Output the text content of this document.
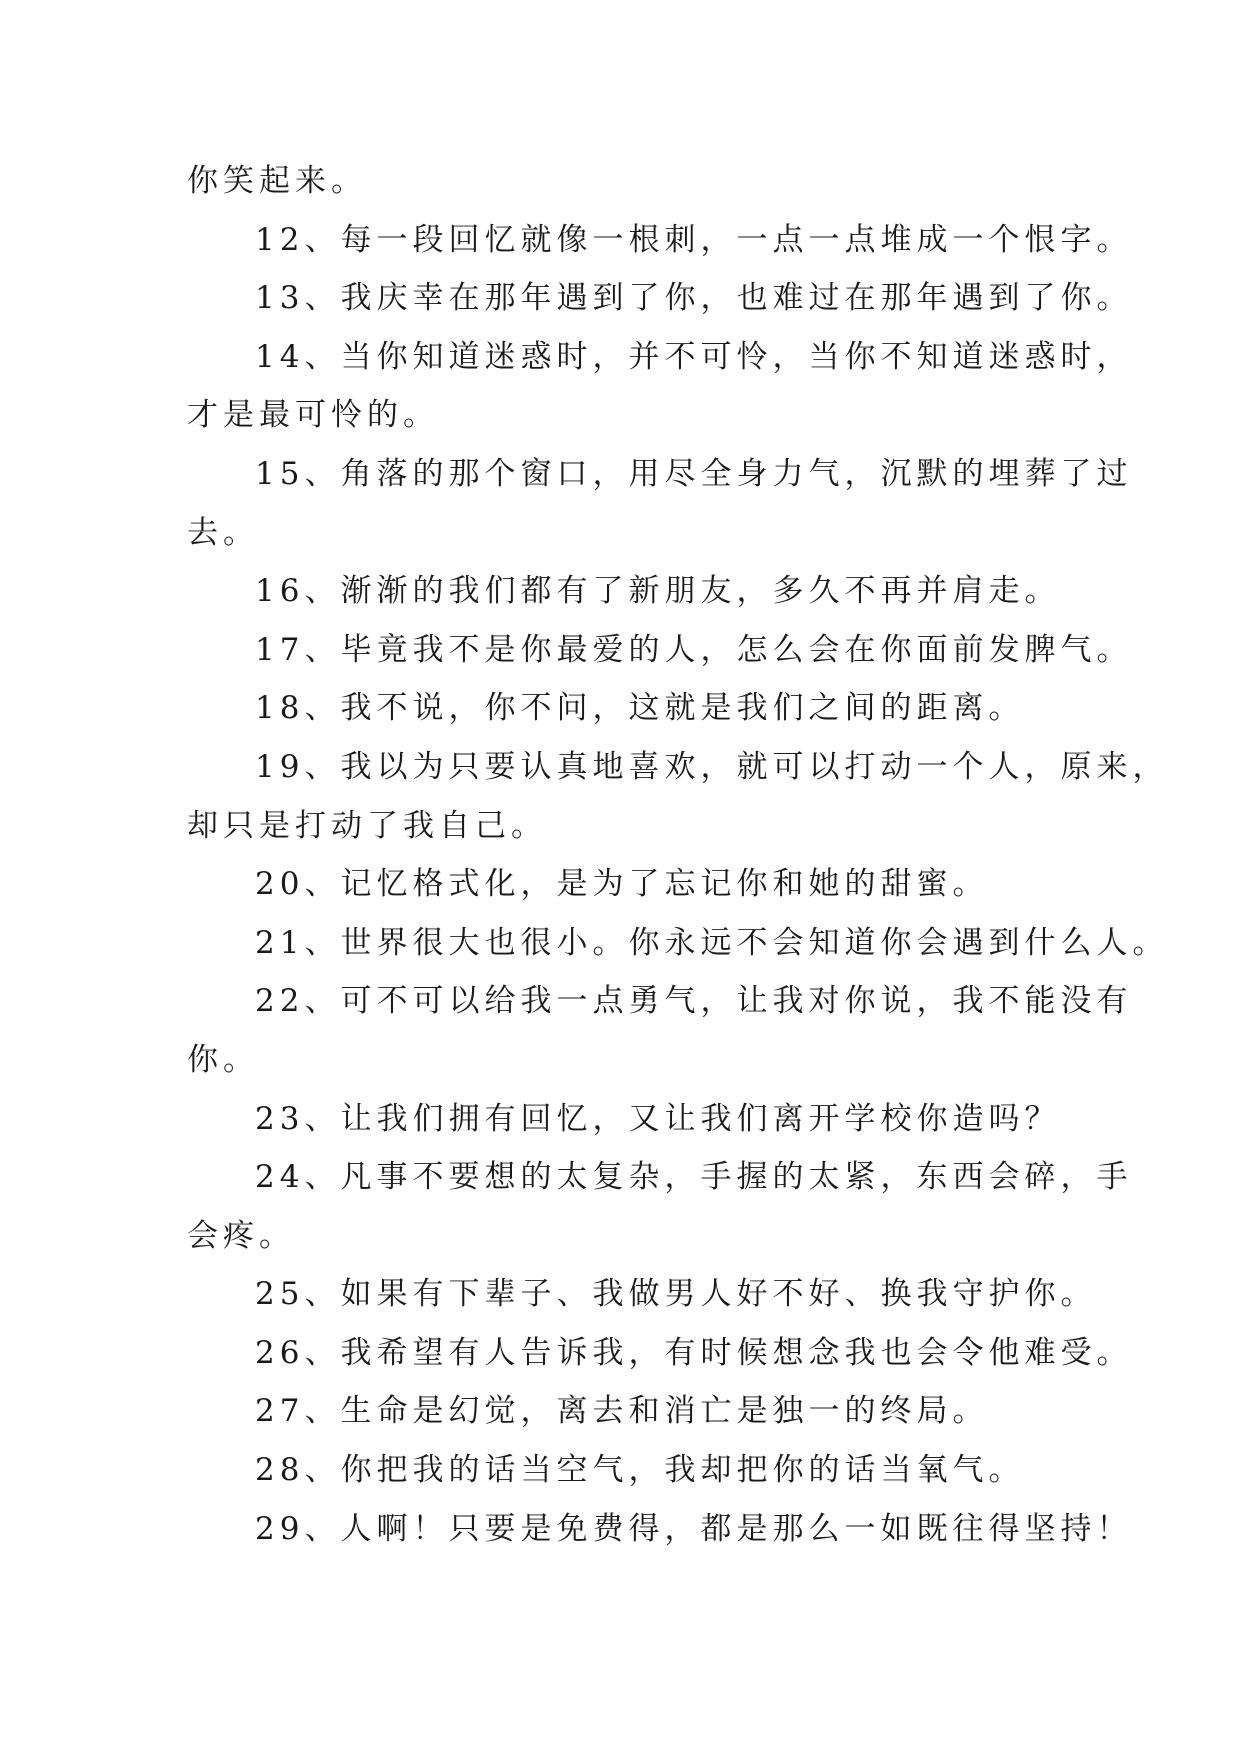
你笑起来。
12、每一段回忆就像一根刺，一点一点堆成一个恨字。
13、我庆幸在那年遇到了你，也难过在那年遇到了你。
14、当你知道迷惑时，并不可怜，当你不知道迷惑时，
才是最可怜的。
15、角落的那个窗口，用尽全身力气，沉默的埋葬了过
去。
16、渐渐的我们都有了新朋友，多久不再并肩走。
17、毕竟我不是你最爱的人，怎么会在你面前发脾气。
18、我不说，你不问，这就是我们之间的距离。
19、我以为只要认真地喜欢，就可以打动一个人，原来，
却只是打动了我自己。
20、记忆格式化，是为了忘记你和她的甜蜜。
21、世界很大也很小。你永远不会知道你会遇到什么人。
22、可不可以给我一点勇气，让我对你说，我不能没有
你。
23、让我们拥有回忆，又让我们离开学校你造吗？
24、凡事不要想的太复杂，手握的太紧，东西会碎，手
会疼。
25、如果有下辈子、我做男人好不好、换我守护你。
26、我希望有人告诉我，有时候想念我也会令他难受。
27、生命是幻觉，离去和消亡是独一的终局。
28、你把我的话当空气，我却把你的话当氧气。
29、人啊！只要是免费得，都是那么一如既往得坚持！
